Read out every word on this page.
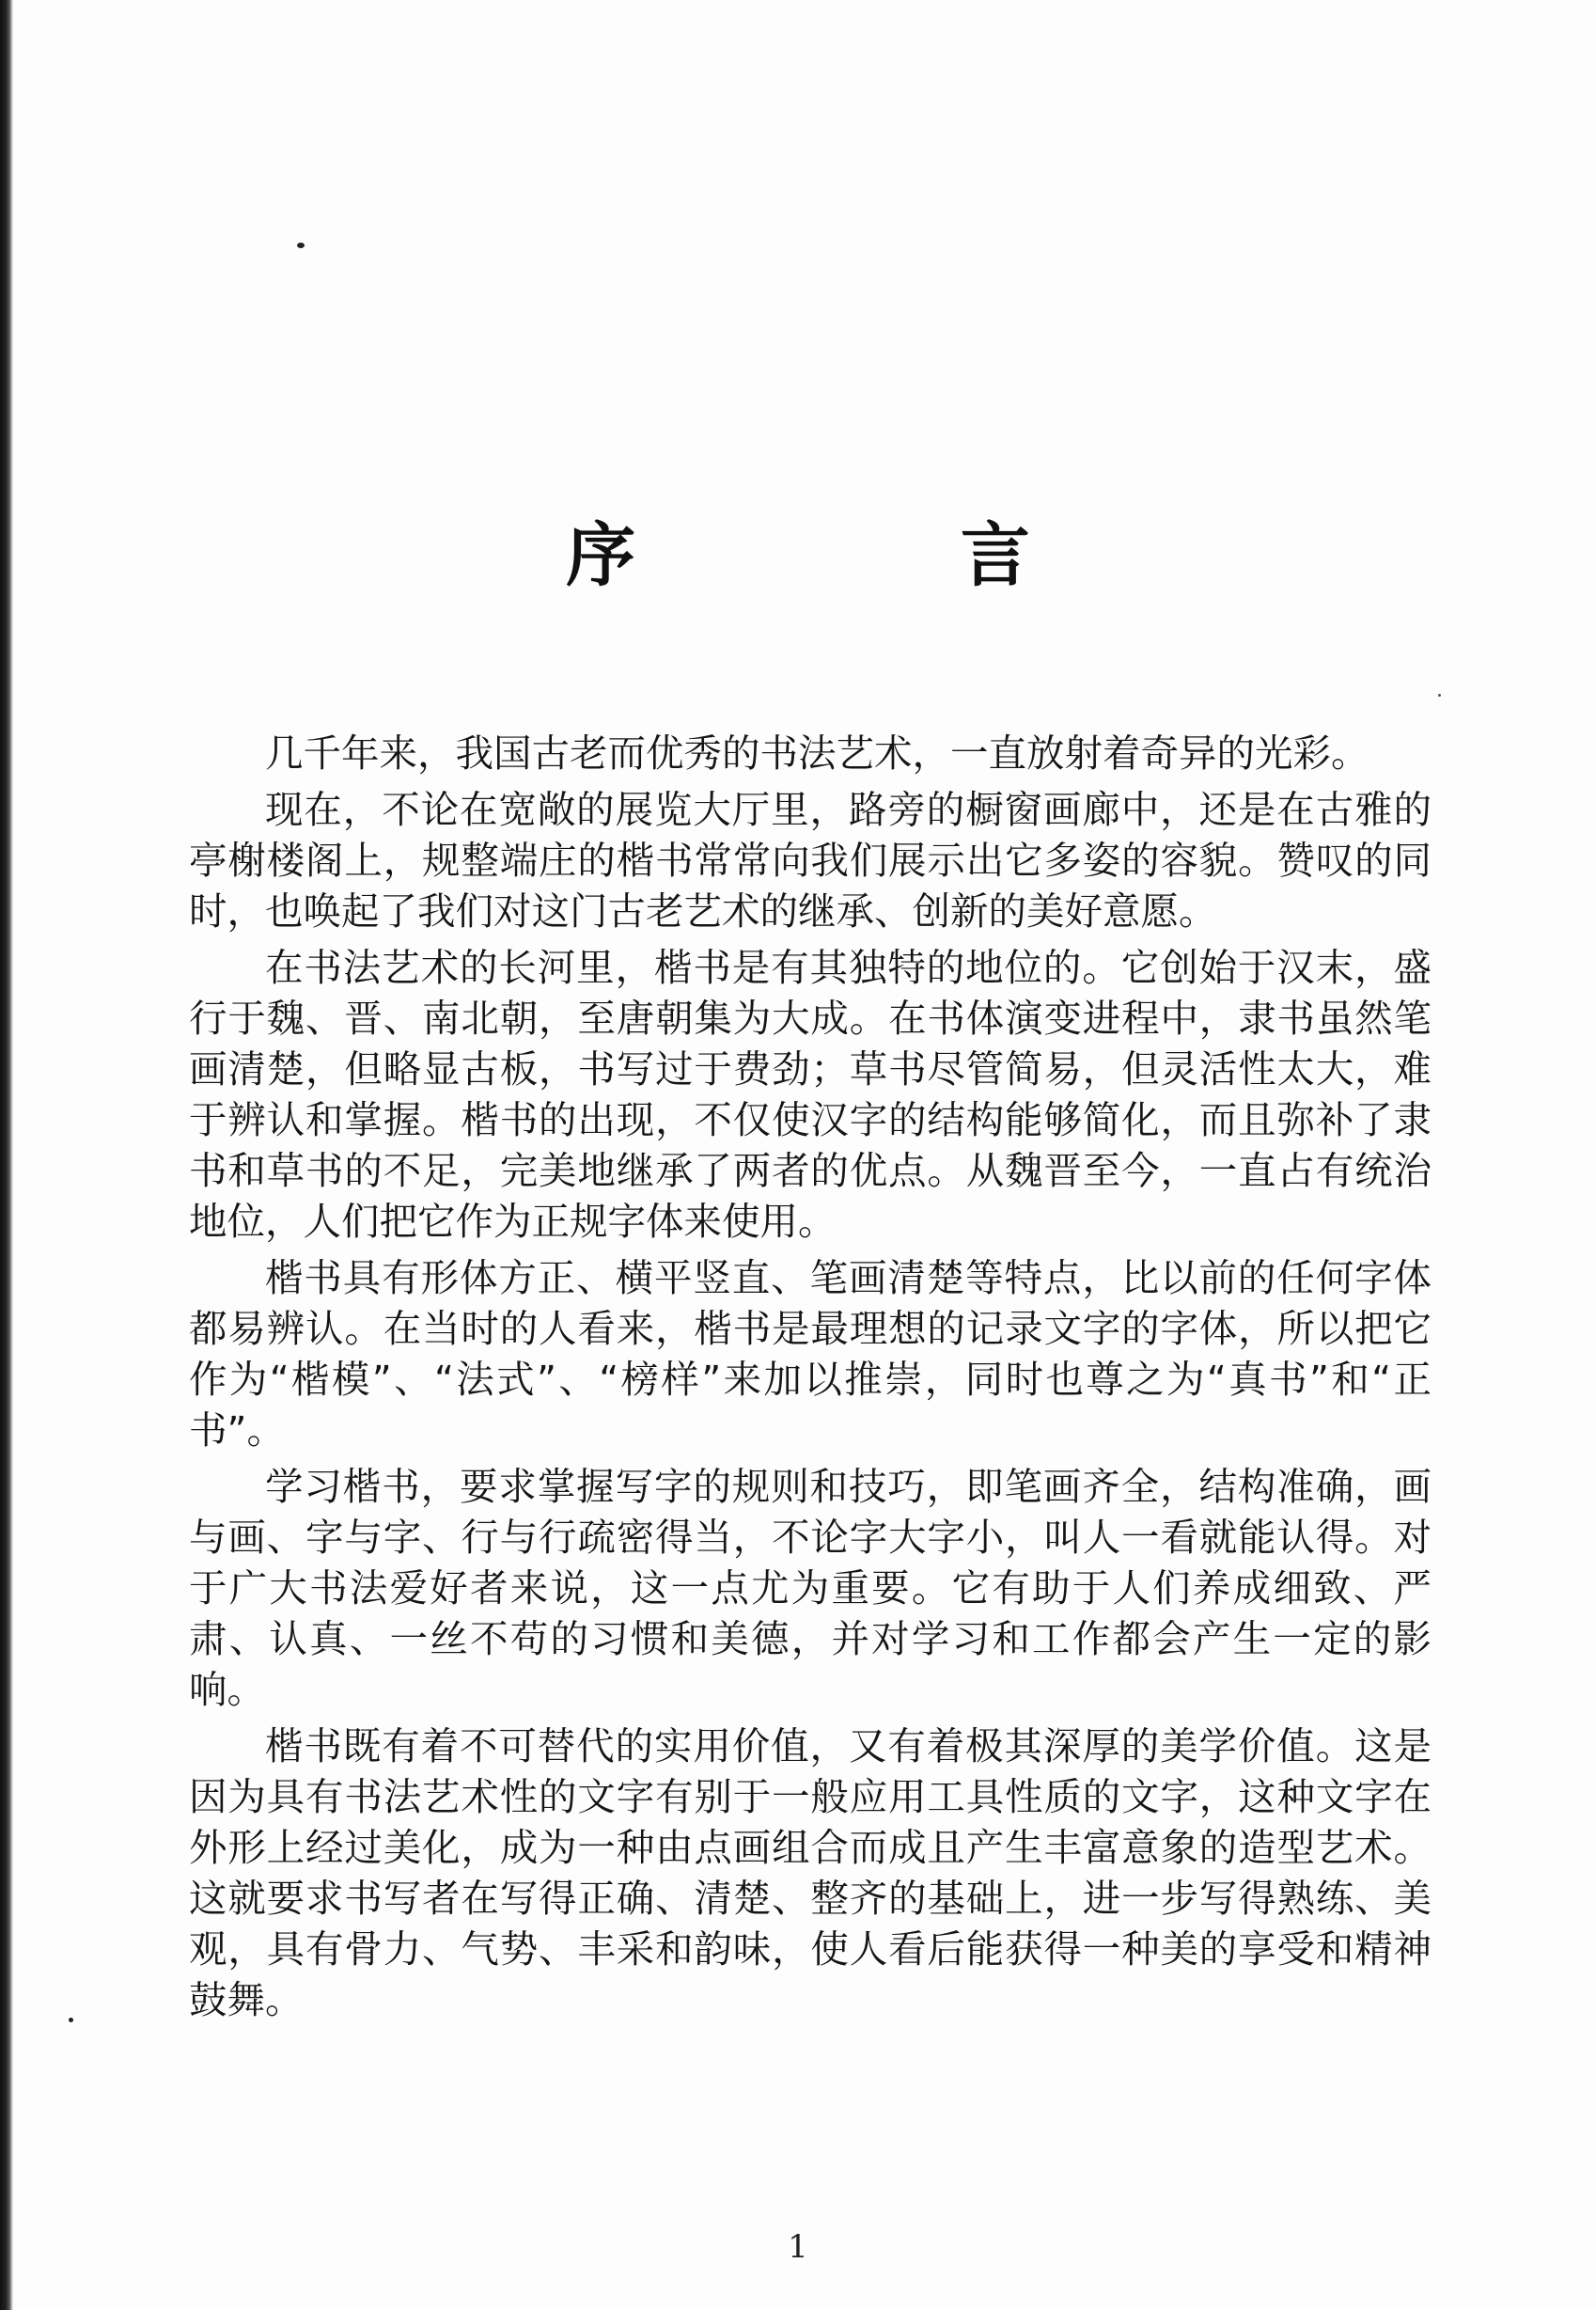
序 言

几千年来，我国古老而优秀的书法艺术，一直放射着奇异的光彩。

现在，不论在宽敞的展览大厅里，路旁的橱窗画廊中，还是在古雅的亭榭楼阁上，规整端庄的楷书常常向我们展示出它多姿的容貌。赞叹的同时，也唤起了我们对这门古老艺术的继承、创新的美好意愿。

在书法艺术的长河里，楷书是有其独特的地位的。它创始于汉末，盛行于魏、晋、南北朝，至唐朝集为大成。在书体演变进程中，隶书虽然笔画清楚，但略显古板，书写过于费劲；草书尽管简易，但灵活性太大，难于辨认和掌握。楷书的出现，不仅使汉字的结构能够简化，而且弥补了隶书和草书的不足，完美地继承了两者的优点。从魏晋至今，一直占有统治地位，人们把它作为正规字体来使用。

楷书具有形体方正、横平竖直、笔画清楚等特点，比以前的任何字体都易辨认。在当时的人看来，楷书是最理想的记录文字的字体，所以把它作为“楷模”、“法式”、“榜样”来加以推崇，同时也尊之为“真书”和“正书”。

学习楷书，要求掌握写字的规则和技巧，即笔画齐全，结构准确，画与画、字与字、行与行疏密得当，不论字大字小，叫人一看就能认得。对于广大书法爱好者来说，这一点尤为重要。它有助于人们养成细致、严肃、认真、一丝不苟的习惯和美德，并对学习和工作都会产生一定的影响。

楷书既有着不可替代的实用价值，又有着极其深厚的美学价值。这是因为具有书法艺术性的文字有别于一般应用工具性质的文字，这种文字在外形上经过美化，成为一种由点画组合而成且产生丰富意象的造型艺术。这就要求书写者在写得正确、清楚、整齐的基础上，进一步写得熟练、美观，具有骨力、气势、丰采和韵味，使人看后能获得一种美的享受和精神鼓舞。

1
